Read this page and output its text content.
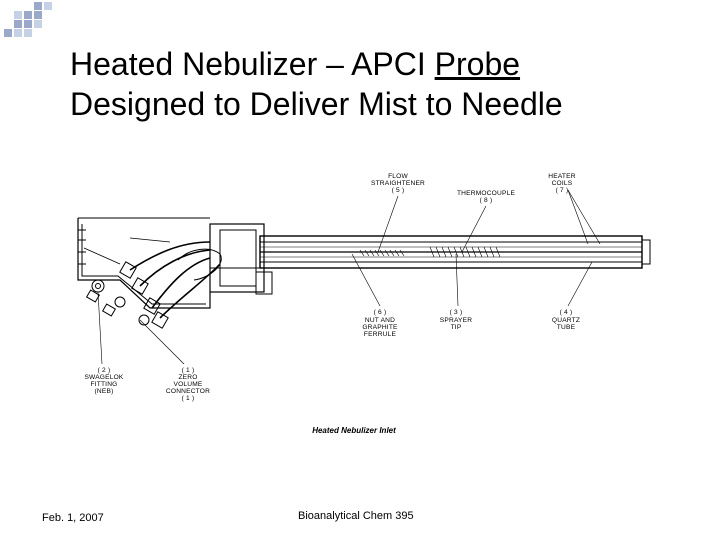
Heated Nebulizer – APCI Probe
Designed to Deliver Mist to Needle
FLOW
STRAIGHTENER
( 5 )	THERMOCOUPLE
( 8 )
HEATER
COILS
( 7 )
( 6 )
NUT AND
GRAPHITE
FERRULE
( 3 )
SPRAYER
TIP
( 4 )
QUARTZ
TUBE
( 2 )
SWAGELOK
FITTING
(NEB)
( 1 )
ZERO
VOLUME
CONNECTOR
( 1 )
Heated Nebulizer Inlet
Feb. 1, 2007	Bioanalytical Chem 395
